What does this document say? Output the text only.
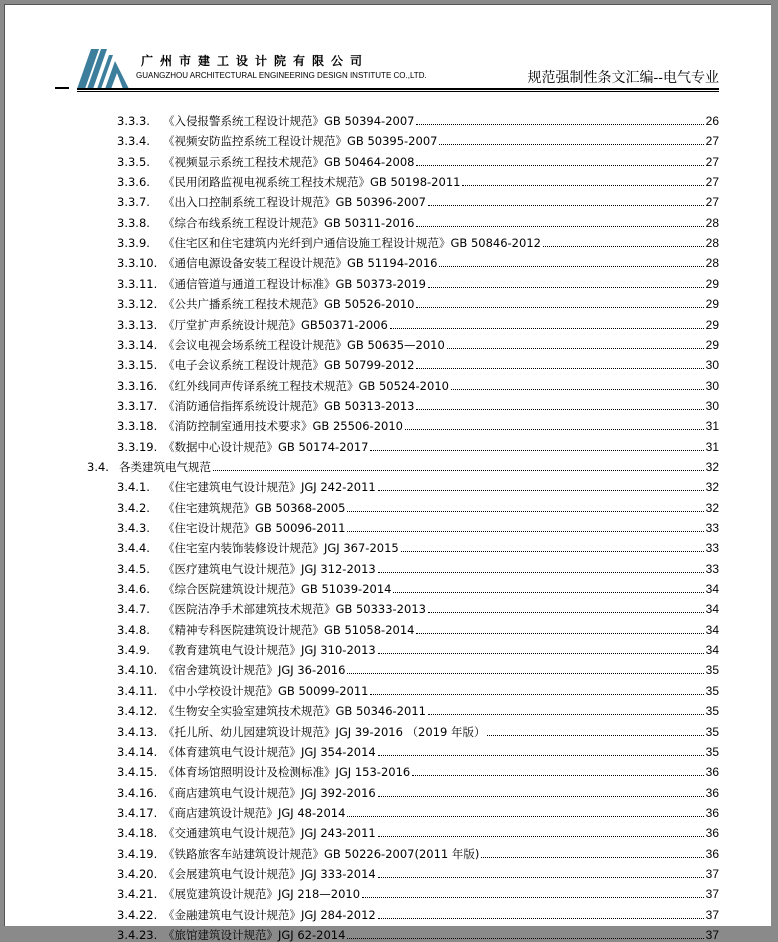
广州市建工设计院有限公司
GUANGZHOU ARCHITECTURAL ENGINEERING DESIGN INSTITUTE CO.,LTD.	规范强制性条文汇编--电气专业
3.3.3.	《入侵报警系统工程设计规范》GB 50394-2007	26
3.3.4.	《视频安防监控系统工程设计规范》GB 50395-2007	27
3.3.5.	《视频显示系统工程技术规范》GB 50464-2008	27
3.3.6.	《民用闭路监视电视系统工程技术规范》GB 50198-2011	27
3.3.7.	《出入口控制系统工程设计规范》GB 50396-2007	27
3.3.8.	《综合布线系统工程设计规范》GB 50311-2016	28
3.3.9.	《住宅区和住宅建筑内光纤到户通信设施工程设计规范》GB 50846-2012	28
3.3.10. 《通信电源设备安装工程设计规范》GB 51194-2016	28
3.3.11. 《通信管道与通道工程设计标准》GB 50373-2019	29
3.3.12. 《公共广播系统工程技术规范》GB 50526-2010	29
3.3.13. 《厅堂扩声系统设计规范》GB50371-2006	29
3.3.14. 《会议电视会场系统工程设计规范》GB 50635—2010	29
3.3.15. 《电子会议系统工程设计规范》GB 50799-2012	30
3.3.16. 《红外线同声传译系统工程技术规范》GB 50524-2010	30
3.3.17. 《消防通信指挥系统设计规范》GB 50313-2013	30
3.3.18. 《消防控制室通用技术要求》GB 25506-2010	31
3.3.19. 《数据中心设计规范》GB 50174-2017	31
3.4. 各类建筑电气规范	32
3.4.1.	《住宅建筑电气设计规范》JGJ 242-2011	32
3.4.2.	《住宅建筑规范》GB 50368-2005	32
3.4.3.	《住宅设计规范》GB 50096-2011	33
3.4.4.	《住宅室内装饰装修设计规范》JGJ 367-2015	33
3.4.5.	《医疗建筑电气设计规范》JGJ 312-2013	33
3.4.6.	《综合医院建筑设计规范》GB 51039-2014	34
3.4.7.	《医院洁净手术部建筑技术规范》GB 50333-2013	34
3.4.8.	《精神专科医院建筑设计规范》GB 51058-2014	34
3.4.9.	《教育建筑电气设计规范》JGJ 310-2013	34
3.4.10. 《宿舍建筑设计规范》JGJ 36-2016	35
3.4.11. 《中小学校设计规范》GB 50099-2011	35
3.4.12. 《生物安全实验室建筑技术规范》GB 50346-2011	35
3.4.13. 《托儿所、幼儿园建筑设计规范》JGJ 39-2016 （2019 年版）	35
3.4.14. 《体育建筑电气设计规范》JGJ 354-2014	35
3.4.15. 《体育场馆照明设计及检测标准》JGJ 153-2016	36
3.4.16. 《商店建筑电气设计规范》JGJ 392-2016	36
3.4.17. 《商店建筑设计规范》JGJ 48-2014	36
3.4.18. 《交通建筑电气设计规范》JGJ 243-2011	36
3.4.19. 《铁路旅客车站建筑设计规范》GB 50226-2007(2011 年版)	36
3.4.20. 《会展建筑电气设计规范》JGJ 333-2014	37
3.4.21. 《展览建筑设计规范》JGJ 218—2010	37
3.4.22. 《金融建筑电气设计规范》JGJ 284-2012	37
3.4.23. 《旅馆建筑设计规范》JGJ 62-2014	37
